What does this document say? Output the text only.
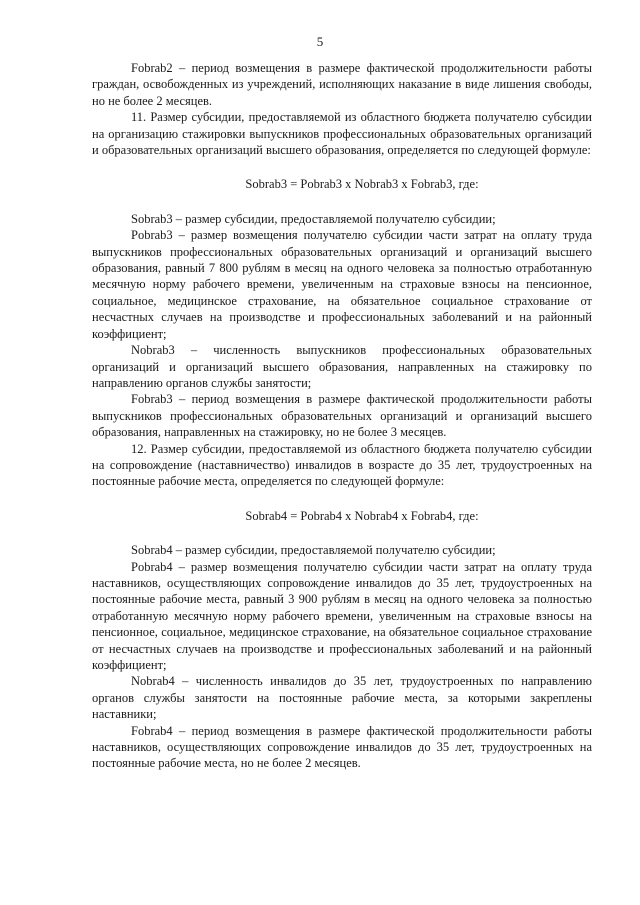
5

Fobrab2 – период возмещения в размере фактической продолжительности работы граждан, освобожденных из учреждений, исполняющих наказание в виде лишения свободы, но не более 2 месяцев.

11. Размер субсидии, предоставляемой из областного бюджета получателю субсидии на организацию стажировки выпускников профессиональных образовательных организаций и образовательных организаций высшего образования, определяется по следующей формуле:

Sobrab3 = Pobrab3 x Nobrab3 x Fobrab3, где:

Sobrab3 – размер субсидии, предоставляемой получателю субсидии;

Pobrab3 – размер возмещения получателю субсидии части затрат на оплату труда выпускников профессиональных образовательных организаций и организаций высшего образования, равный 7 800 рублям в месяц на одного человека за полностью отработанную месячную норму рабочего времени, увеличенным на страховые взносы на пенсионное, социальное, медицинское страхование, на обязательное социальное страхование от несчастных случаев на производстве и профессиональных заболеваний и на районный коэффициент;

Nobrab3 – численность выпускников профессиональных образовательных организаций и организаций высшего образования, направленных на стажировку по направлению органов службы занятости;

Fobrab3 – период возмещения в размере фактической продолжительности работы выпускников профессиональных образовательных организаций и организаций высшего образования, направленных на стажировку, но не более 3 месяцев.

12. Размер субсидии, предоставляемой из областного бюджета получателю субсидии на сопровождение (наставничество) инвалидов в возрасте до 35 лет, трудоустроенных на постоянные рабочие места, определяется по следующей формуле:

Sobrab4 = Pobrab4 x Nobrab4 x Fobrab4, где:

Sobrab4 – размер субсидии, предоставляемой получателю субсидии;

Pobrab4 – размер возмещения получателю субсидии части затрат на оплату труда наставников, осуществляющих сопровождение инвалидов до 35 лет, трудоустроенных на постоянные рабочие места, равный 3 900 рублям в месяц на одного человека за полностью отработанную месячную норму рабочего времени, увеличенным на страховые взносы на пенсионное, социальное, медицинское страхование, на обязательное социальное страхование от несчастных случаев на производстве и профессиональных заболеваний и на районный коэффициент;

Nobrab4 – численность инвалидов до 35 лет, трудоустроенных по направлению органов службы занятости на постоянные рабочие места, за которыми закреплены наставники;

Fobrab4 – период возмещения в размере фактической продолжительности работы наставников, осуществляющих сопровождение инвалидов до 35 лет, трудоустроенных на постоянные рабочие места, но не более 2 месяцев.
